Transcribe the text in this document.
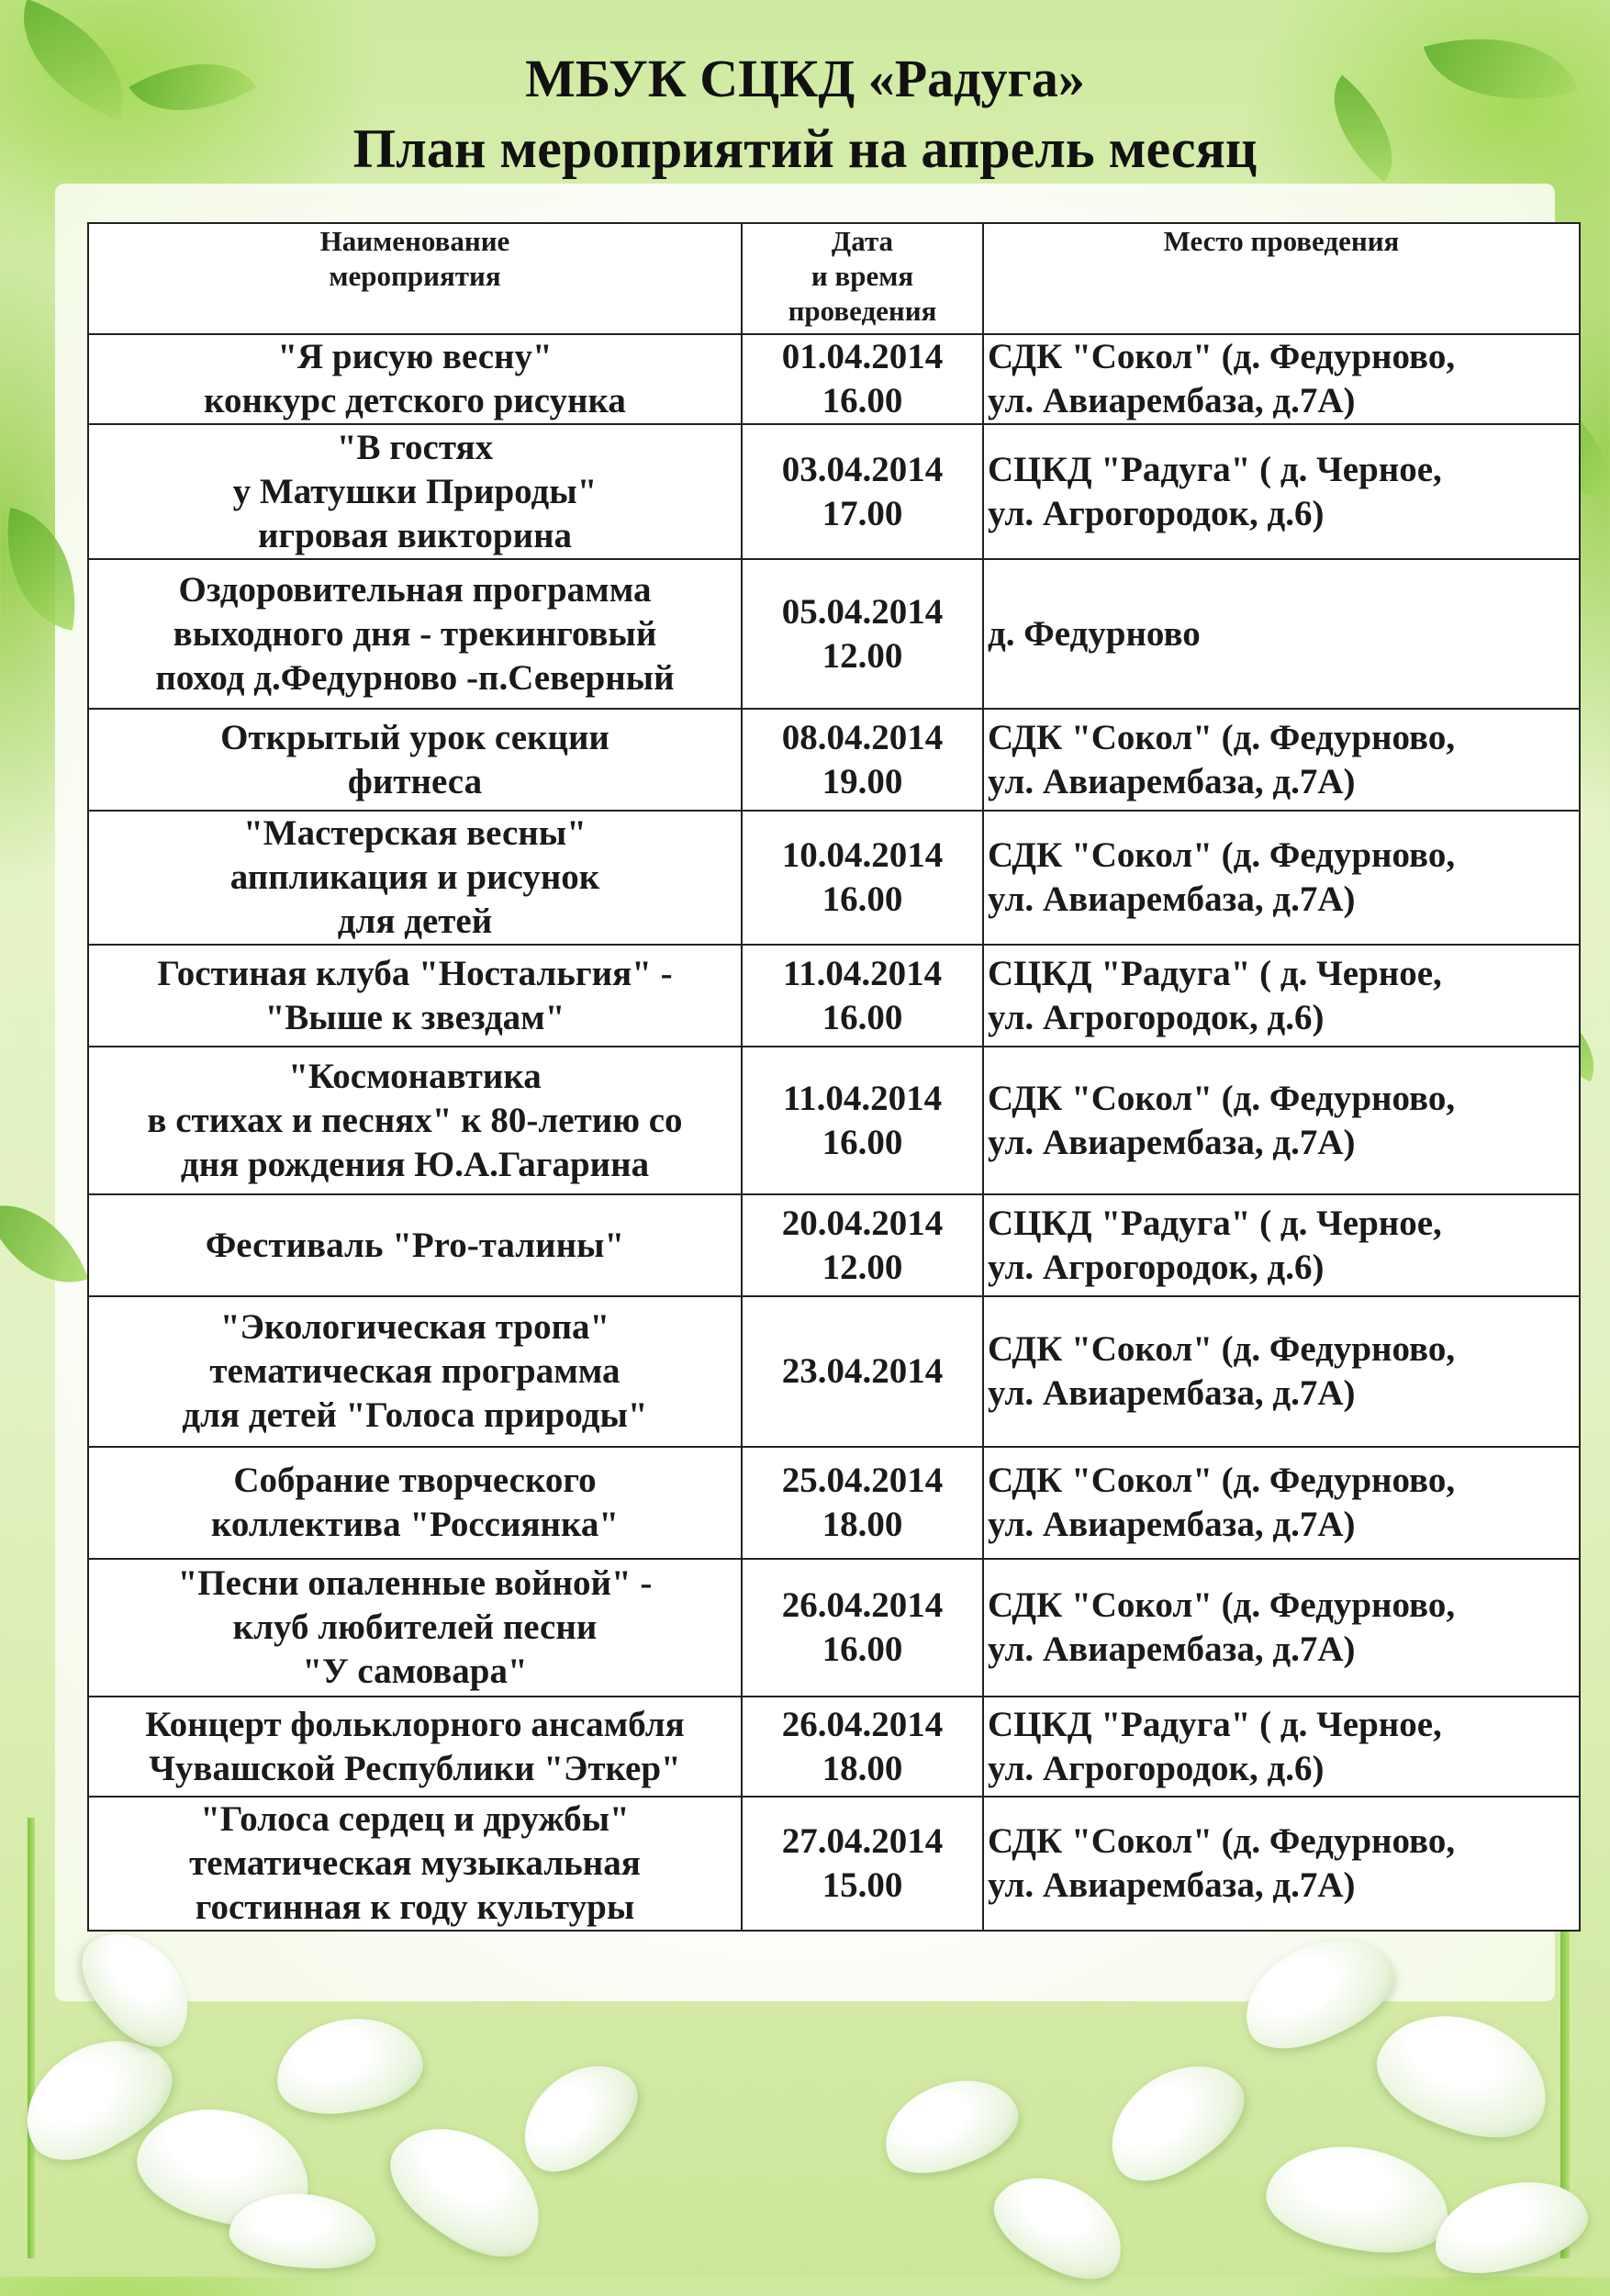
МБУК СЦКД «Радуга»
План мероприятий на апрель месяц
Наименование
мероприятия	Дата
и время
проведения	Место проведения

"Я рисую весну"
конкурс детского рисунка	01.04.2014
16.00	СДК "Сокол" (д. Федурново,
ул. Авиарембаза, д.7А)

"В гостях
у Матушки Природы"
игровая викторина	03.04.2014
17.00	СЦКД "Радуга" ( д. Черное,
ул. Агрогородок, д.6)

Оздоровительная программа
выходного дня - трекинговый
поход д.Федурново -п.Северный	05.04.2014
12.00	д. Федурново

Открытый урок секции
фитнеса	08.04.2014
19.00	СДК "Сокол" (д. Федурново,
ул. Авиарембаза, д.7А)

"Мастерская весны"
аппликация и рисунок
для детей	10.04.2014
16.00	СДК "Сокол" (д. Федурново,
ул. Авиарембаза, д.7А)

Гостиная клуба "Ностальгия" -
"Выше к звездам"	11.04.2014
16.00	СЦКД "Радуга" ( д. Черное,
ул. Агрогородок, д.6)

"Космонавтика
в стихах и песнях" к 80-летию со
дня рождения Ю.А.Гагарина	11.04.2014
16.00	СДК "Сокол" (д. Федурново,
ул. Авиарембаза, д.7А)

Фестиваль "Pro-талины"	20.04.2014
12.00	СЦКД "Радуга" ( д. Черное,
ул. Агрогородок, д.6)

"Экологическая тропа"
тематическая программа
для детей "Голоса природы"	23.04.2014	СДК "Сокол" (д. Федурново,
ул. Авиарембаза, д.7А)

Собрание творческого
коллектива "Россиянка"	25.04.2014
18.00	СДК "Сокол" (д. Федурново,
ул. Авиарембаза, д.7А)

"Песни опаленные войной" -
клуб любителей песни
"У самовара"	26.04.2014
16.00	СДК "Сокол" (д. Федурново,
ул. Авиарембаза, д.7А)

Концерт фольклорного ансамбля
Чувашской Республики "Эткер"	26.04.2014
18.00	СЦКД "Радуга" ( д. Черное,
ул. Агрогородок, д.6)

"Голоса сердец и дружбы"
тематическая музыкальная
гостинная к году культуры	27.04.2014
15.00	СДК "Сокол" (д. Федурново,
ул. Авиарембаза, д.7А)
